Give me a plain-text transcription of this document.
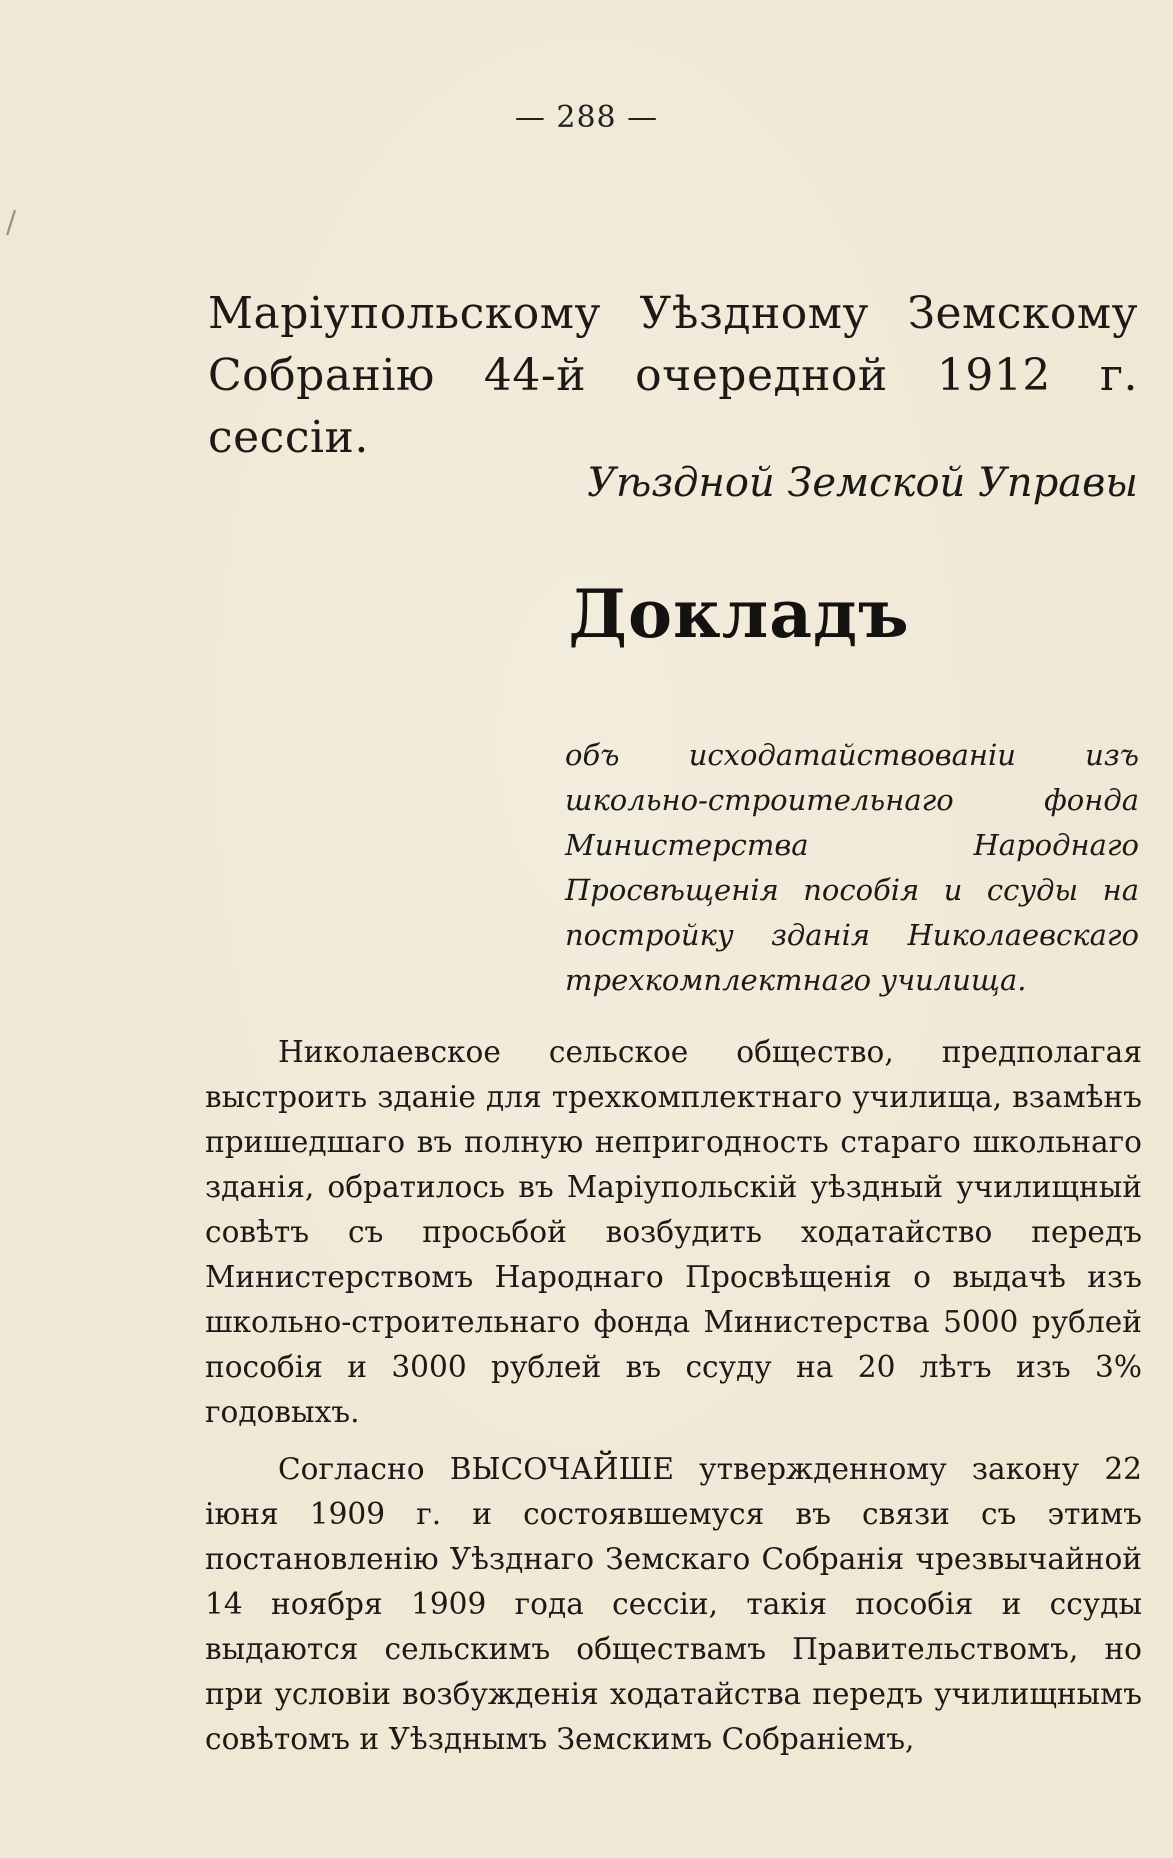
/
— 288 —
Маріупольскому Уѣздному Земскому Собранію 44-й очередной 1912 г. сессіи.
Уѣздной Земской Управы
Докладъ
объ исходатайствованіи изъ школьно-строительнаго фонда Министерства Народнаго Просвѣщенія пособія и ссуды на постройку зданія Николаевскаго трехкомплектнаго училища.

Николаевское сельское общество, предполагая выстроить зданіе для трехкомплектнаго училища, взамѣнъ пришедшаго въ полную непригодность стараго школьнаго зданія, обратилось въ Маріупольскій уѣздный училищный совѣтъ съ просьбой возбудить ходатайство передъ Министерствомъ Народнаго Просвѣщенія о выдачѣ изъ школьно-строительнаго фонда Министерства 5000 рублей пособія и 3000 рублей въ ссуду на 20 лѣтъ изъ 3% годовыхъ.

Согласно ВЫСОЧАЙШЕ утвержденному закону 22 іюня 1909 г. и состоявшемуся въ связи съ этимъ постановленію Уѣзднаго Земскаго Собранія чрезвычайной 14 ноября 1909 года сессіи, такія пособія и ссуды выдаются сельскимъ обществамъ Правительствомъ, но при условіи возбужденія ходатайства передъ училищнымъ совѣтомъ и Уѣзднымъ Земскимъ Собраніемъ,
